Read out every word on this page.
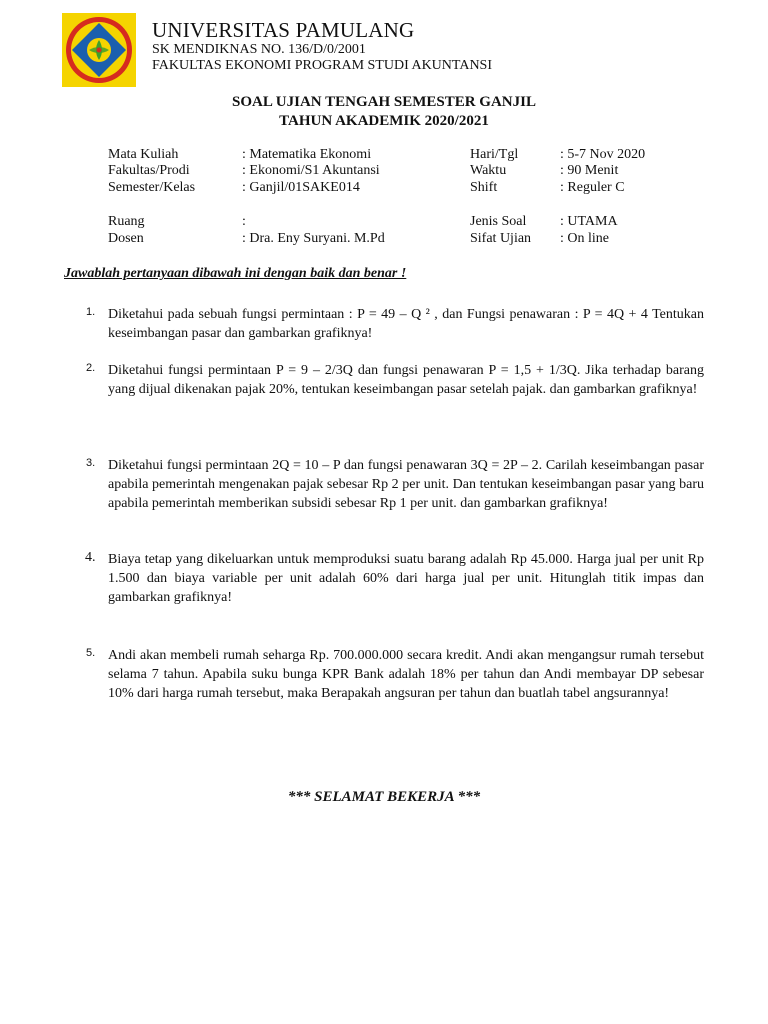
UNIVERSITAS PAMULANG
SK MENDIKNAS NO. 136/D/0/2001
FAKULTAS EKONOMI PROGRAM STUDI AKUNTANSI
SOAL UJIAN TENGAH SEMESTER GANJIL
TAHUN AKADEMIK 2020/2021
Mata Kuliah	: Matematika Ekonomi
Fakultas/Prodi	: Ekonomi/S1 Akuntansi
Semester/Kelas	: Ganjil/01SAKE014
Ruang	:
Dosen	: Dra. Eny Suryani. M.Pd
Hari/Tgl	: 5-7 Nov 2020
Waktu	: 90 Menit
Shift	: Reguler C
Jenis Soal : UTAMA
Sifat Ujian : On line
Jawablah pertanyaan dibawah ini dengan baik dan benar !
1. Diketahui pada sebuah fungsi permintaan : P = 49 – Q ² , dan Fungsi penawaran : P = 4Q + 4 Tentukan keseimbangan pasar dan gambarkan grafiknya!
2. Diketahui fungsi permintaan P = 9 – 2/3Q dan fungsi penawaran P = 1,5 + 1/3Q. Jika terhadap barang yang dijual dikenakan pajak 20%, tentukan keseimbangan pasar setelah pajak. dan gambarkan grafiknya!
3. Diketahui fungsi permintaan 2Q = 10 – P dan fungsi penawaran 3Q = 2P – 2. Carilah keseimbangan pasar apabila pemerintah mengenakan pajak sebesar Rp 2 per unit. Dan tentukan keseimbangan pasar yang baru apabila pemerintah memberikan subsidi sebesar Rp 1 per unit. dan gambarkan grafiknya!
4. Biaya tetap yang dikeluarkan untuk memproduksi suatu barang adalah Rp 45.000. Harga jual per unit Rp 1.500 dan biaya variable per unit adalah 60% dari harga jual per unit. Hitunglah titik impas dan gambarkan grafiknya!
5. Andi akan membeli rumah seharga Rp. 700.000.000 secara kredit. Andi akan mengangsur rumah tersebut selama 7 tahun. Apabila suku bunga KPR Bank adalah 18% per tahun dan Andi membayar DP sebesar 10% dari harga rumah tersebut, maka Berapakah angsuran per tahun dan buatlah tabel angsurannya!
*** SELAMAT BEKERJA ***
